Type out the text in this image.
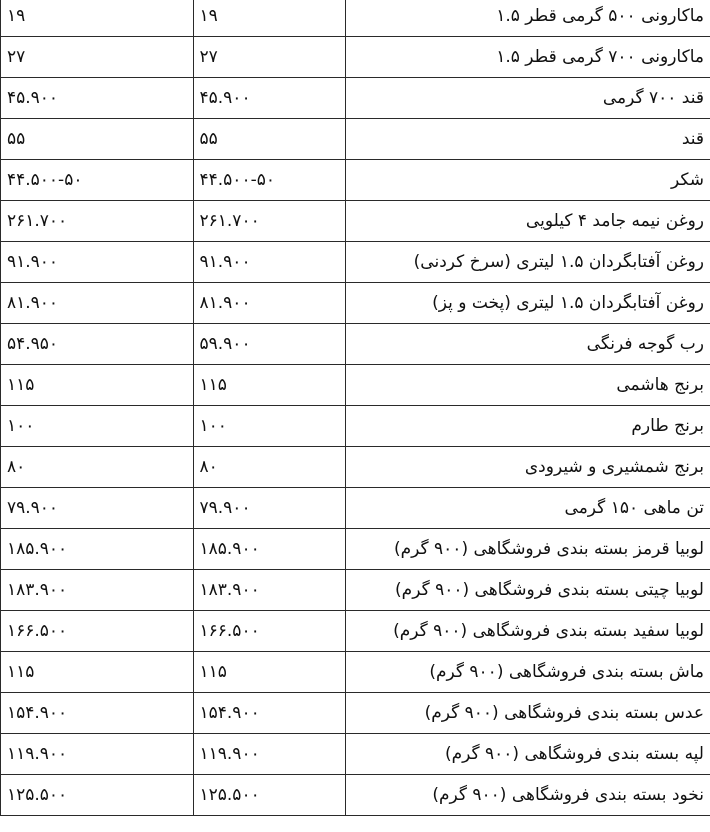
ماکارونی ۵۰۰ گرمی قطر ۱.۵	۱۹	۱۹
ماکارونی ۷۰۰ گرمی قطر ۱.۵	۲۷	۲۷
قند ۷۰۰ گرمی	۴۵.۹۰۰	۴۵.۹۰۰
قند	۵۵	۵۵
شکر	۴۴.۵۰۰-۵۰	۴۴.۵۰۰-۵۰
روغن نیمه جامد ۴ کیلویی	۲۶۱.۷۰۰	۲۶۱.۷۰۰
روغن آفتابگردان ۱.۵ لیتری (سرخ کردنی)	۹۱.۹۰۰	۹۱.۹۰۰
روغن آفتابگردان ۱.۵ لیتری (پخت و پز)	۸۱.۹۰۰	۸۱.۹۰۰
رب گوجه فرنگی	۵۹.۹۰۰	۵۴.۹۵۰
برنج هاشمی	۱۱۵	۱۱۵
برنج طارم	۱۰۰	۱۰۰
برنج شمشیری و شیرودی	۸۰	۸۰
تن ماهی ۱۵۰ گرمی	۷۹.۹۰۰	۷۹.۹۰۰
لوبیا قرمز بسته بندی فروشگاهی (۹۰۰ گرم)	۱۸۵.۹۰۰	۱۸۵.۹۰۰
لوبیا چیتی بسته بندی فروشگاهی (۹۰۰ گرم)	۱۸۳.۹۰۰	۱۸۳.۹۰۰
لوبیا سفید بسته بندی فروشگاهی (۹۰۰ گرم)	۱۶۶.۵۰۰	۱۶۶.۵۰۰
ماش بسته بندی فروشگاهی (۹۰۰ گرم)	۱۱۵	۱۱۵
عدس بسته بندی فروشگاهی (۹۰۰ گرم)	۱۵۴.۹۰۰	۱۵۴.۹۰۰
لپه بسته بندی فروشگاهی (۹۰۰ گرم)	۱۱۹.۹۰۰	۱۱۹.۹۰۰
نخود بسته بندی فروشگاهی (۹۰۰ گرم)	۱۲۵.۵۰۰	۱۲۵.۵۰۰
